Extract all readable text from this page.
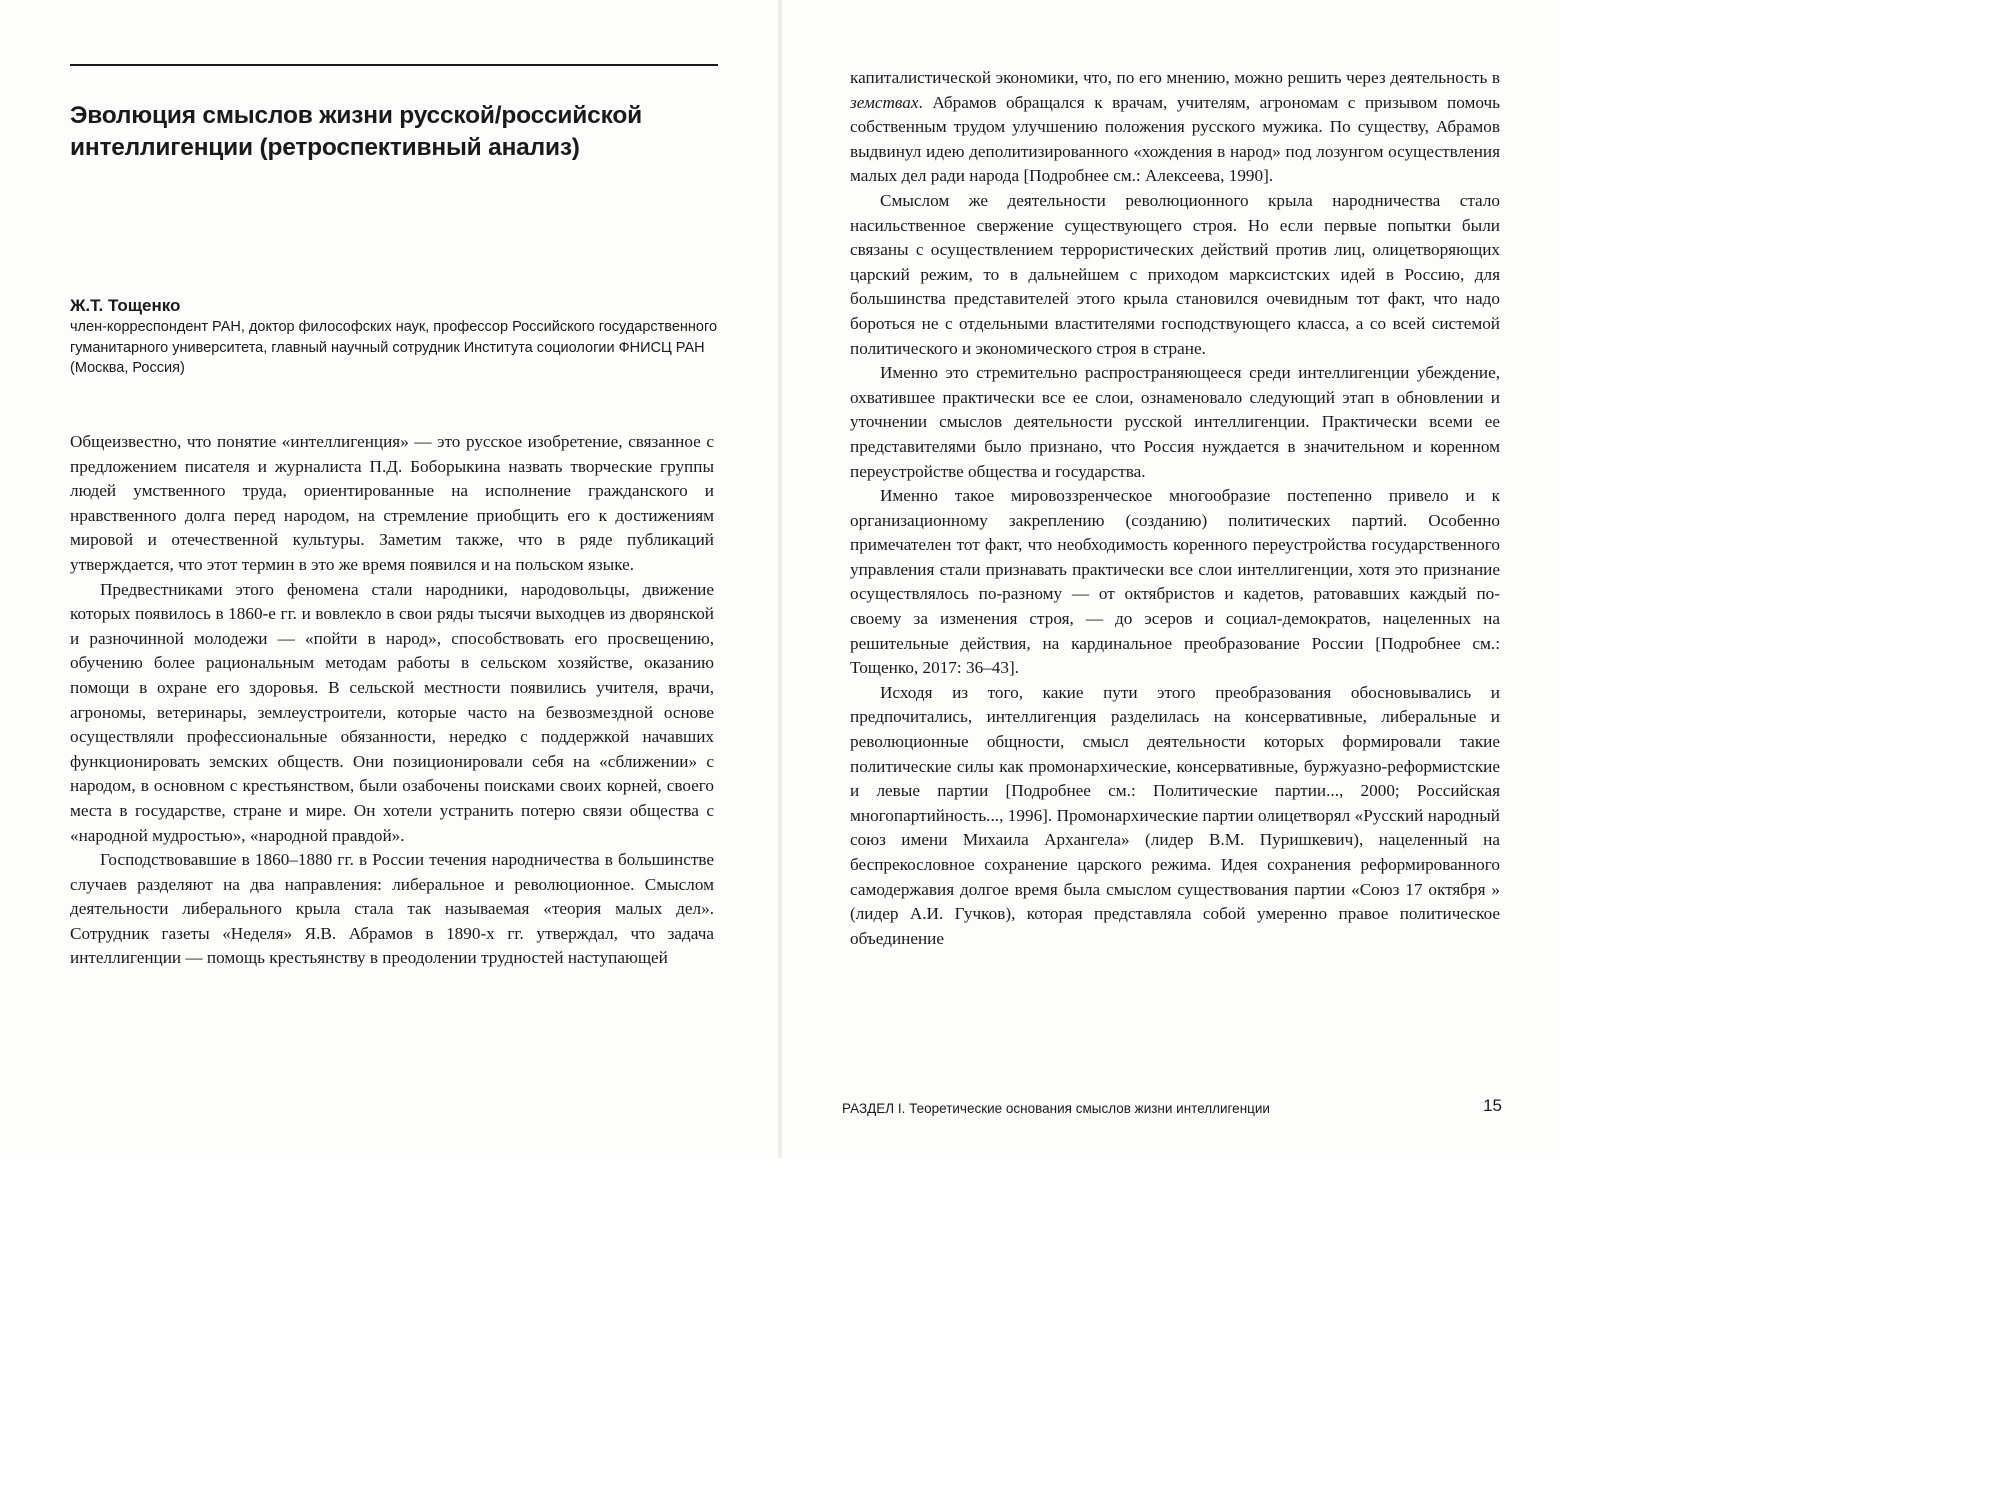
Эволюция смыслов жизни русской/российской интеллигенции (ретроспективный анализ)
Ж.Т. Тощенко
член-корреспондент РАН, доктор философских наук, профессор Российского государственного гуманитарного университета, главный научный сотрудник Института социологии ФНИСЦ РАН (Москва, Россия)

Общеизвестно, что понятие «интеллигенция» — это русское изобретение, связанное с предложением писателя и журналиста П.Д. Боборыкина назвать творческие группы людей умственного труда, ориентированные на исполнение гражданского и нравственного долга перед народом, на стремление приобщить его к достижениям мировой и отечественной культуры. Заметим также, что в ряде публикаций утверждается, что этот термин в это же время появился и на польском языке.

Предвестниками этого феномена стали народники, народовольцы, движение которых появилось в 1860-е гг. и вовлекло в свои ряды тысячи выходцев из дворянской и разночинной молодежи — «пойти в народ», способствовать его просвещению, обучению более рациональным методам работы в сельском хозяйстве, оказанию помощи в охране его здоровья. В сельской местности появились учителя, врачи, агрономы, ветеринары, землеустроители, которые часто на безвозмездной основе осуществляли профессиональные обязанности, нередко с поддержкой начавших функционировать земских обществ. Они позиционировали себя на «сближении» с народом, в основном с крестьянством, были озабочены поисками своих корней, своего места в государстве, стране и мире. Он хотели устранить потерю связи общества с «народной мудростью», «народной правдой».

Господствовавшие в 1860–1880 гг. в России течения народничества в большинстве случаев разделяют на два направления: либеральное и революционное. Смыслом деятельности либерального крыла стала так называемая «теория малых дел». Сотрудник газеты «Неделя» Я.В. Абрамов в 1890-х гг. утверждал, что задача интеллигенции — помощь крестьянству в преодолении трудностей наступающей

капиталистической экономики, что, по его мнению, можно решить через деятельность в земствах. Абрамов обращался к врачам, учителям, агрономам с призывом помочь собственным трудом улучшению положения русского мужика. По существу, Абрамов выдвинул идею деполитизированного «хождения в народ» под лозунгом осуществления малых дел ради народа [Подробнее см.: Алексеева, 1990].

Смыслом же деятельности революционного крыла народничества стало насильственное свержение существующего строя. Но если первые попытки были связаны с осуществлением террористических действий против лиц, олицетворяющих царский режим, то в дальнейшем с приходом марксистских идей в Россию, для большинства представителей этого крыла становился очевидным тот факт, что надо бороться не с отдельными властителями господствующего класса, а со всей системой политического и экономического строя в стране.

Именно это стремительно распространяющееся среди интеллигенции убеждение, охватившее практически все ее слои, ознаменовало следующий этап в обновлении и уточнении смыслов деятельности русской интеллигенции. Практически всеми ее представителями было признано, что Россия нуждается в значительном и коренном переустройстве общества и государства.

Именно такое мировоззренческое многообразие постепенно привело и к организационному закреплению (созданию) политических партий. Особенно примечателен тот факт, что необходимость коренного переустройства государственного управления стали признавать практически все слои интеллигенции, хотя это признание осуществлялось по-разному — от октябристов и кадетов, ратовавших каждый по-своему за изменения строя, — до эсеров и социал-демократов, нацеленных на решительные действия, на кардинальное преобразование России [Подробнее см.: Тощенко, 2017: 36–43].

Исходя из того, какие пути этого преобразования обосновывались и предпочитались, интеллигенция разделилась на консервативные, либеральные и революционные общности, смысл деятельности которых формировали такие политические силы как промонархические, консервативные, буржуазно-реформистские и левые партии [Подробнее см.: Политические партии..., 2000; Российская многопартийность..., 1996]. Промонархические партии олицетворял «Русский народный союз имени Михаила Архангела» (лидер В.М. Пуришкевич), нацеленный на беспрекословное сохранение царского режима. Идея сохранения реформированного самодержавия долгое время была смыслом существования партии «Союз 17 октября » (лидер А.И. Гучков), которая представляла собой умеренно правое политическое объединение

РАЗДЕЛ I. Теоретические основания смыслов жизни интеллигенции	15
